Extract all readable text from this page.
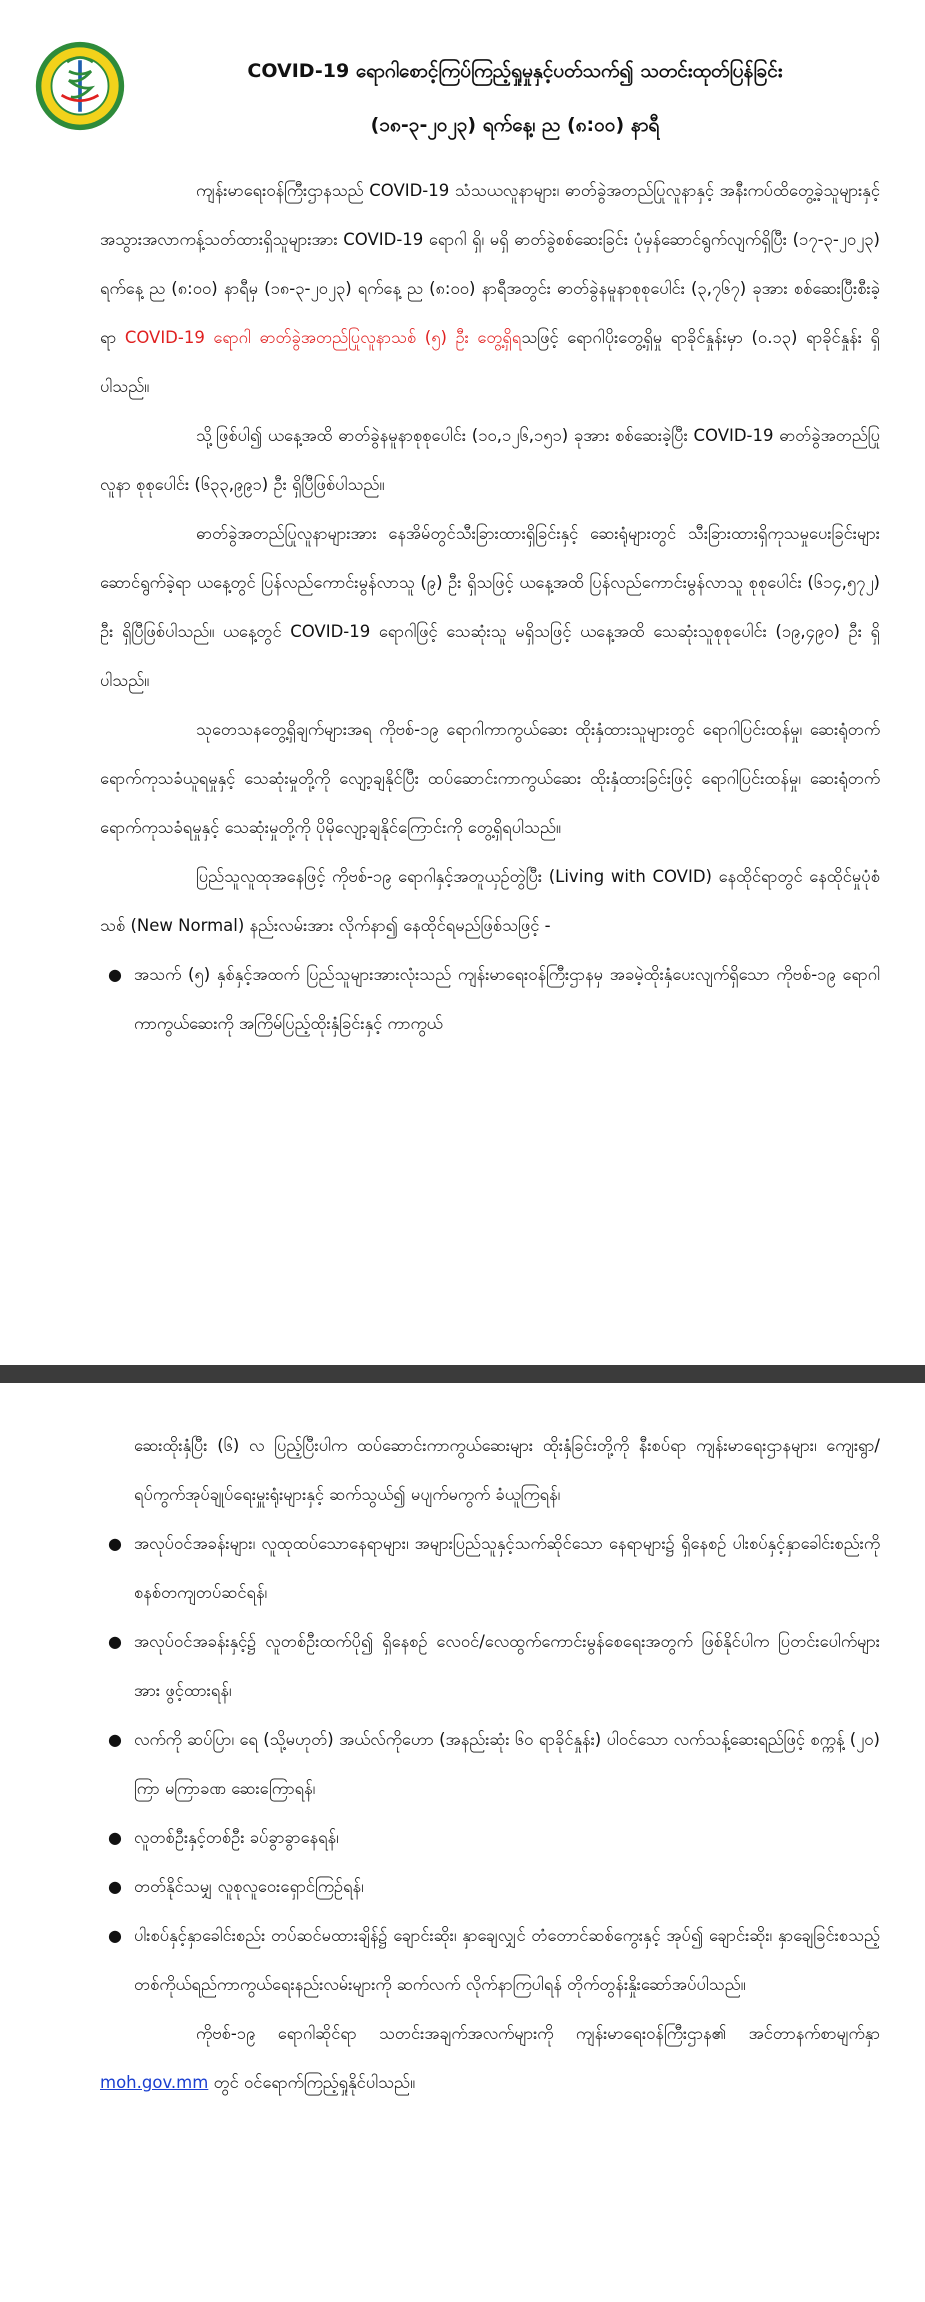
COVID-19 ရောဂါစောင့်ကြပ်ကြည့်ရှုမှုနှင့်ပတ်သက်၍ သတင်းထုတ်ပြန်ခြင်း
(၁၈-၃-၂၀၂၃) ရက်နေ့၊ ည (၈:၀၀) နာရီ

ကျန်းမာရေးဝန်ကြီးဌာနသည် COVID-19 သံသယလူနာများ၊ ဓာတ်ခွဲအတည်ပြုလူနာနှင့် အနီးကပ်ထိတွေ့ခဲ့သူများနှင့် အသွားအလာကန့်သတ်ထားရှိသူများအား COVID-19 ရောဂါ ရှိ၊ မရှိ ဓာတ်ခွဲစစ်ဆေးခြင်း ပုံမှန်ဆောင်ရွက်လျက်ရှိပြီး (၁၇-၃-၂၀၂၃) ရက်နေ့ ည (၈:၀၀) နာရီမှ (၁၈-၃-၂၀၂၃) ရက်နေ့ ည (၈:၀၀) နာရီအတွင်း ဓာတ်ခွဲနမူနာစုစုပေါင်း (၃,၇၆၇) ခုအား စစ်ဆေးပြီးစီးခဲ့ရာ COVID-19 ရောဂါ ဓာတ်ခွဲအတည်ပြုလူနာသစ် (၅) ဦး တွေ့ရှိရသဖြင့် ရောဂါပိုးတွေ့ရှိမှု ရာခိုင်နှုန်းမှာ (၀.၁၃) ရာခိုင်နှုန်း ရှိပါသည်။

သို့ဖြစ်ပါ၍ ယနေ့အထိ ဓာတ်ခွဲနမူနာစုစုပေါင်း (၁၀,၁၂၆,၁၅၁) ခုအား စစ်ဆေးခဲ့ပြီး COVID-19 ဓာတ်ခွဲအတည်ပြုလူနာ စုစုပေါင်း (၆၃၃,၉၉၁) ဦး ရှိပြီဖြစ်ပါသည်။

ဓာတ်ခွဲအတည်ပြုလူနာများအား နေအိမ်တွင်သီးခြားထားရှိခြင်းနှင့် ဆေးရုံများတွင် သီးခြားထားရှိကုသမှုပေးခြင်းများ ဆောင်ရွက်ခဲ့ရာ ယနေ့တွင် ပြန်လည်ကောင်းမွန်လာသူ (၉) ဦး ရှိသဖြင့် ယနေ့အထိ ပြန်လည်ကောင်းမွန်လာသူ စုစုပေါင်း (၆၁၄,၅၇၂) ဦး ရှိပြီဖြစ်ပါသည်။ ယနေ့တွင် COVID-19 ရောဂါဖြင့် သေဆုံးသူ မရှိသဖြင့် ယနေ့အထိ သေဆုံးသူစုစုပေါင်း (၁၉,၄၉၀) ဦး ရှိပါသည်။

သုတေသနတွေ့ရှိချက်များအရ ကိုဗစ်-၁၉ ရောဂါကာကွယ်ဆေး ထိုးနှံထားသူများတွင် ရောဂါပြင်းထန်မှု၊ ဆေးရုံတက်ရောက်ကုသခံယူရမှုနှင့် သေဆုံးမှုတို့ကို လျော့ချနိုင်ပြီး ထပ်ဆောင်းကာကွယ်ဆေး ထိုးနှံထားခြင်းဖြင့် ရောဂါပြင်းထန်မှု၊ ဆေးရုံတက်ရောက်ကုသခံရမှုနှင့် သေဆုံးမှုတို့ကို ပိုမိုလျော့ချနိုင်ကြောင်းကို တွေ့ရှိရပါသည်။

ပြည်သူလူထုအနေဖြင့် ကိုဗစ်-၁၉ ရောဂါနှင့်အတူယှဉ်တွဲပြီး (Living with COVID) နေထိုင်ရာတွင် နေထိုင်မှုပုံစံသစ် (New Normal) နည်းလမ်းအား လိုက်နာ၍ နေထိုင်ရမည်ဖြစ်သဖြင့် -

● အသက် (၅) နှစ်နှင့်အထက် ပြည်သူများအားလုံးသည် ကျန်းမာရေးဝန်ကြီးဌာနမှ အခမဲ့ထိုးနှံပေးလျက်ရှိသော ကိုဗစ်-၁၉ ရောဂါ ကာကွယ်ဆေးကို အကြိမ်ပြည့်ထိုးနှံခြင်းနှင့် ကာကွယ်

ဆေးထိုးနှံပြီး (၆) လ ပြည့်ပြီးပါက ထပ်ဆောင်းကာကွယ်ဆေးများ ထိုးနှံခြင်းတို့ကို နီးစပ်ရာ ကျန်းမာရေးဌာနများ၊ ကျေးရွာ/ရပ်ကွက်အုပ်ချုပ်ရေးမှူးရုံးများနှင့် ဆက်သွယ်၍ မပျက်မကွက် ခံယူကြရန်၊

● အလုပ်ဝင်အခန်းများ၊ လူထုထပ်သောနေရာများ၊ အများပြည်သူနှင့်သက်ဆိုင်သော နေရာများ၌ ရှိနေစဉ် ပါးစပ်နှင့်နှာခေါင်းစည်းကို စနစ်တကျတပ်ဆင်ရန်၊
● အလုပ်ဝင်အခန်းနှင့်၌ လူတစ်ဦးထက်ပို၍ ရှိနေစဉ် လေဝင်/လေထွက်ကောင်းမွန်စေရေးအတွက် ဖြစ်နိုင်ပါက ပြတင်းပေါက်များအား ဖွင့်ထားရန်၊
● လက်ကို ဆပ်ပြာ၊ ရေ (သို့မဟုတ်) အယ်လ်ကိုဟော (အနည်းဆုံး ၆၀ ရာခိုင်နှုန်း) ပါဝင်သော လက်သန့်ဆေးရည်ဖြင့် စက္ကန့် (၂၀) ကြာ မကြာခဏ ဆေးကြောရန်၊
● လူတစ်ဦးနှင့်တစ်ဦး ခပ်ခွာခွာနေရန်၊
● တတ်နိုင်သမျှ လူစုလူဝေးရှောင်ကြဉ်ရန်၊
● ပါးစပ်နှင့်နှာခေါင်းစည်း တပ်ဆင်မထားချိန်၌ ချောင်းဆိုး၊ နှာချေလျှင် တံတောင်ဆစ်ကွေးနှင့် အုပ်၍ ချောင်းဆိုး၊ နှာချေခြင်းစသည့် တစ်ကိုယ်ရည်ကာကွယ်ရေးနည်းလမ်းများကို ဆက်လက် လိုက်နာကြပါရန် တိုက်တွန်းနှိုးဆော်အပ်ပါသည်။

ကိုဗစ်-၁၉ ရောဂါဆိုင်ရာ သတင်းအချက်အလက်များကို ကျန်းမာရေးဝန်ကြီးဌာန၏ အင်တာနက်စာမျက်နှာ moh.gov.mm တွင် ဝင်ရောက်ကြည့်ရှုနိုင်ပါသည်။
